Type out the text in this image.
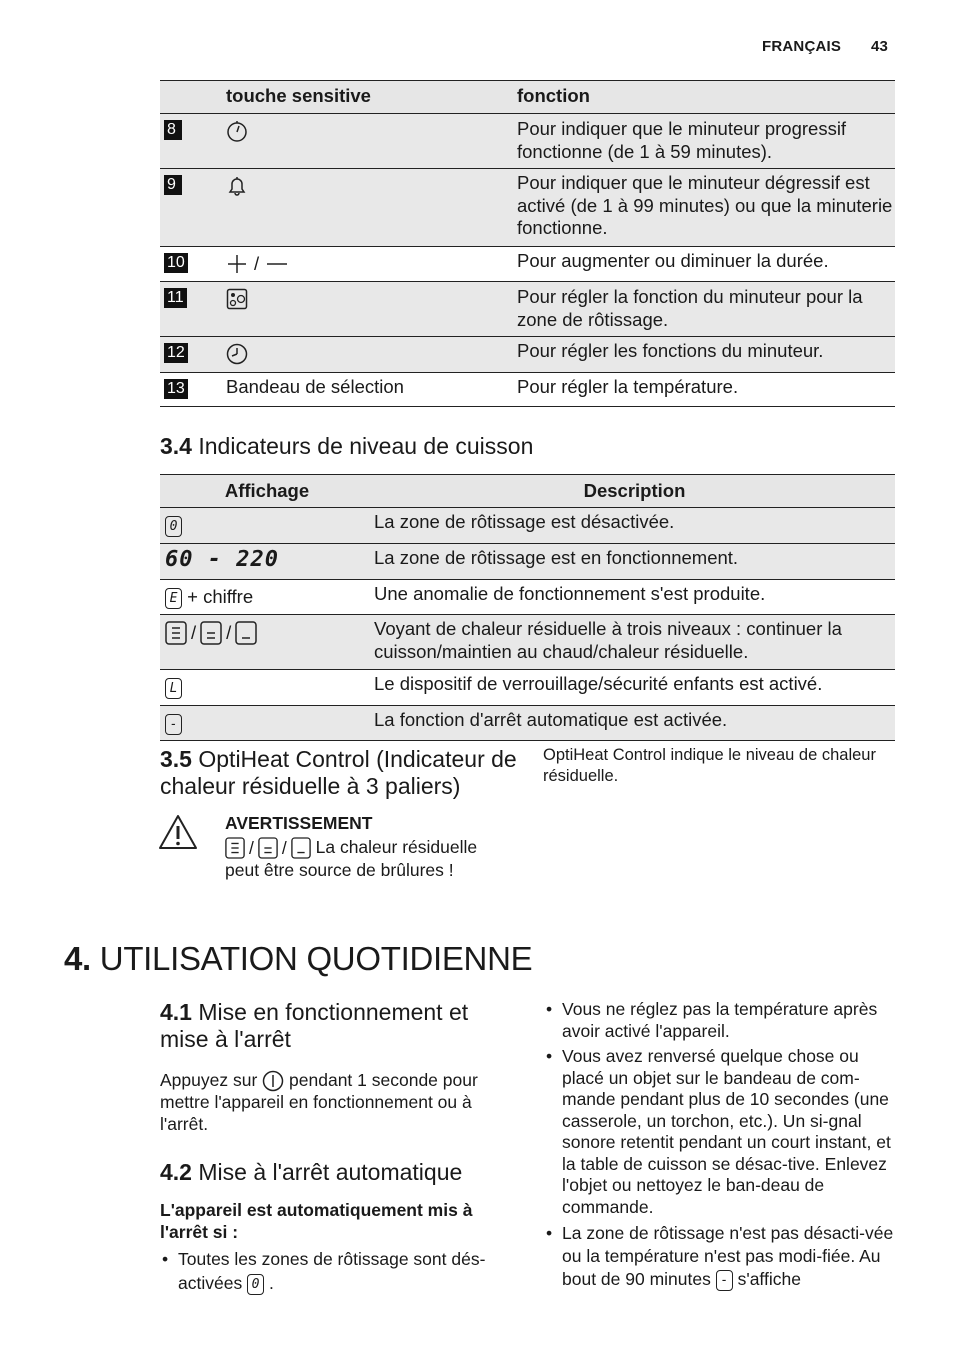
FRANÇAIS 43
	touche sensitive	fonction
8		Pour indiquer que le minuteur progressif fonctionne (de 1 à 59 minutes).
9		Pour indiquer que le minuteur dégressif est activé (de 1 à 99 minutes) ou que la minuterie fonctionne.
10	/	Pour augmenter ou diminuer la durée.
11		Pour régler la fonction du minuteur pour la zone de rôtissage.
12		Pour régler les fonctions du minuteur.
13	Bandeau de sélection	Pour régler la température.
3.4 Indicateurs de niveau de cuisson
Affichage	Description
0	La zone de rôtissage est désactivée.
60 - 220	La zone de rôtissage est en fonctionnement.
E + chiffre	Une anomalie de fonctionnement s'est produite.

/ /	Voyant de chaleur résiduelle à trois niveaux : continuer la cuisson/maintien au chaud/chaleur résiduelle.
L	Le dispositif de verrouillage/sécurité enfants est activé.
-	La fonction d'arrêt automatique est activée.
3.5 OptiHeat Control (Indicateur de chaleur résiduelle à 3 paliers)
OptiHeat Control indique le niveau de chaleur résiduelle.
AVERTISSEMENT
/ / La chaleur résiduelle peut être source de brûlures !
4. UTILISATION QUOTIDIENNE
4.1 Mise en fonctionnement et mise à l'arrêt
Appuyez sur pendant 1 seconde pour mettre l'appareil en fonctionnement ou à l'arrêt.
4.2 Mise à l'arrêt automatique
L'appareil est automatiquement mis à l'arrêt si :
• Toutes les zones de rôtissage sont dés-activées 0 .
• Vous ne réglez pas la température après avoir activé l'appareil.
• Vous avez renversé quelque chose ou placé un objet sur le bandeau de com-mande pendant plus de 10 secondes (une casserole, un torchon, etc.). Un si-gnal sonore retentit pendant un court instant, et la table de cuisson se désac-tive. Enlevez l'objet ou nettoyez le ban-deau de commande.
• La zone de rôtissage n'est pas désacti-vée ou la température n'est pas modi-fiée. Au bout de 90 minutes - s'affiche
